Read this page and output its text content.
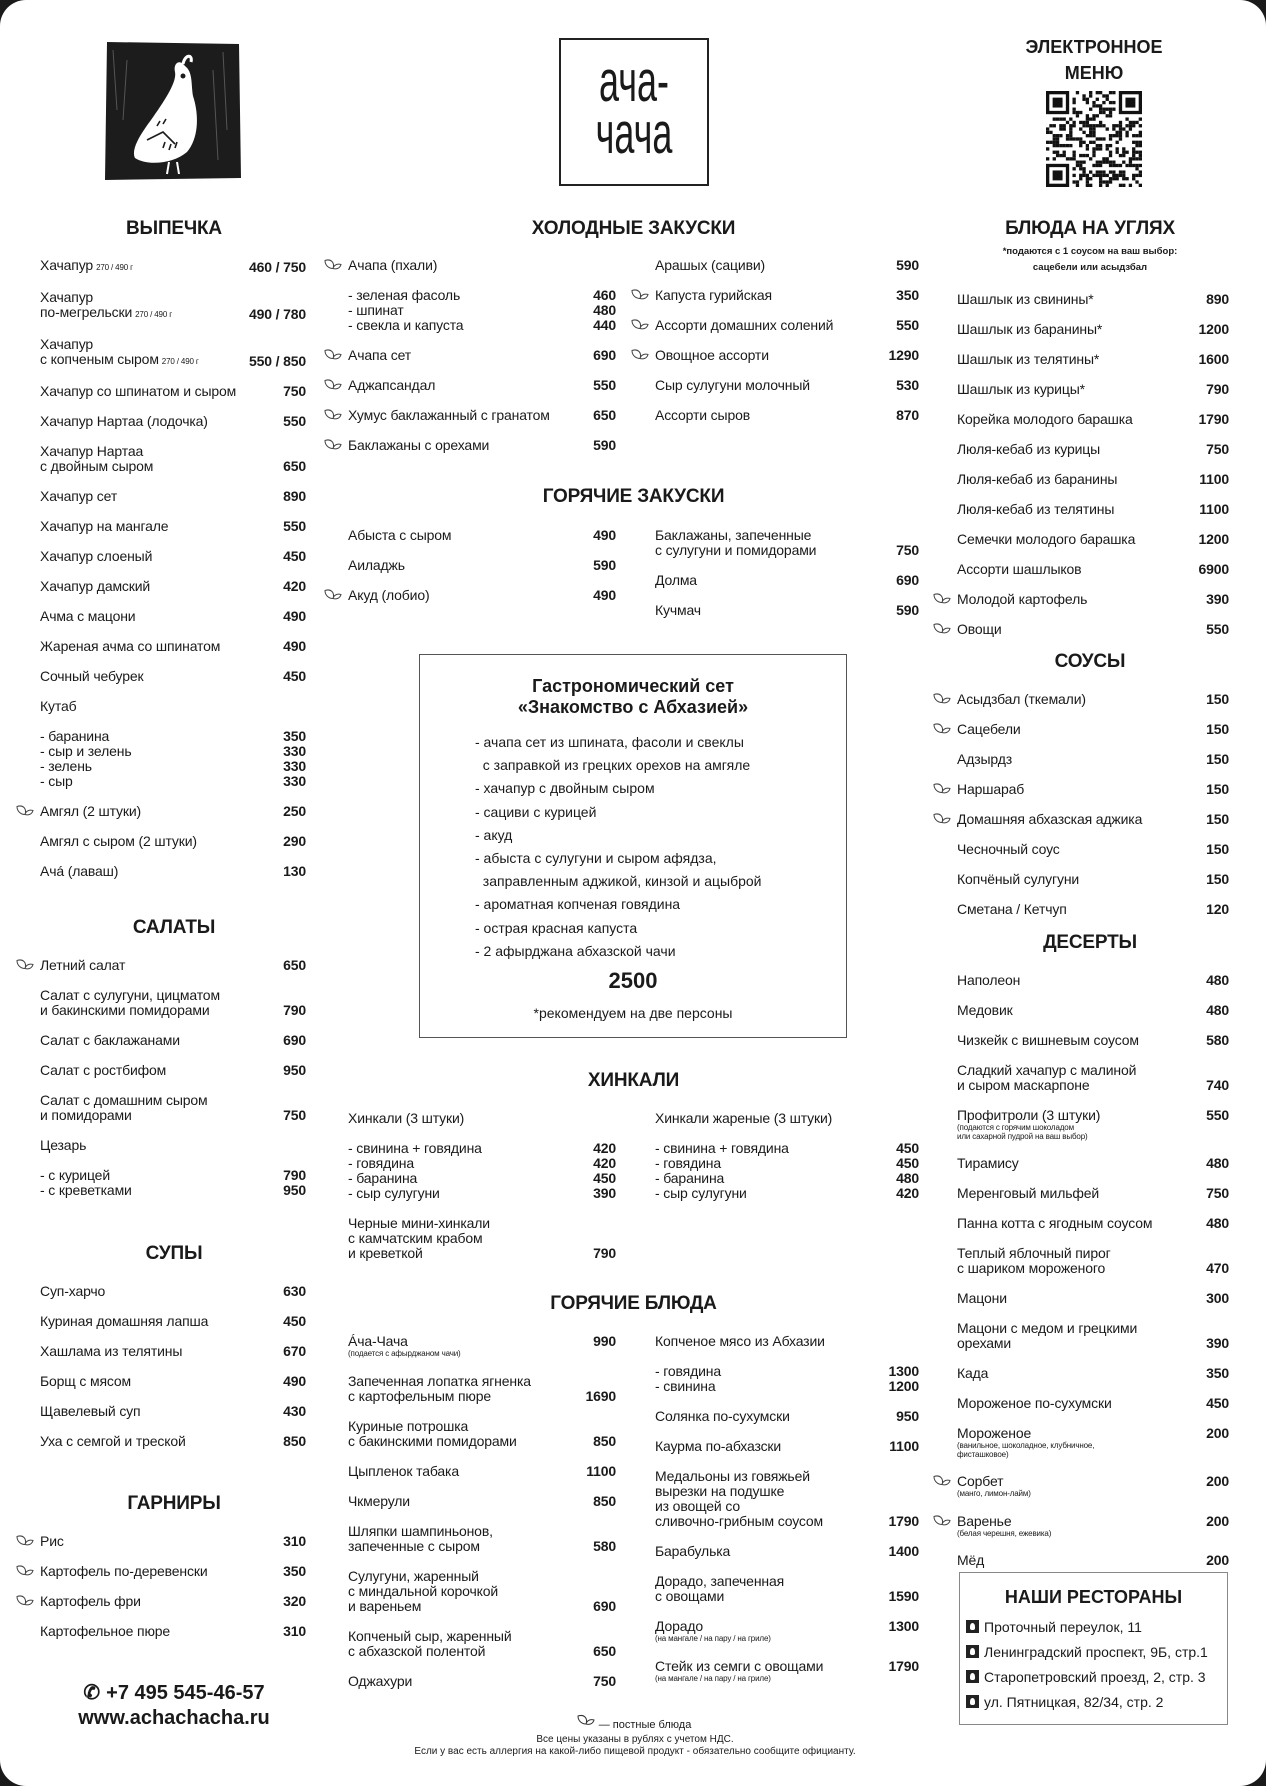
ача-
чача
ЭЛЕКТРОННОЕ
МЕНЮ
ВЫПЕЧКА
Хачапур 270 / 490 г	460 / 750
Хачапур
по-мегрельски 270 / 490 г	490 / 780
Хачапур
с копченым сыром 270 / 490 г	550 / 850
Хачапур со шпинатом и сыром	750
Хачапур Нартаа (лодочка)	550
Хачапур Нартаа
с двойным сыром	650
Хачапур сет	890
Хачапур на мангале	550
Хачапур слоеный	450
Хачапур дамский	420
Ачма с мацони	490
Жареная ачма со шпинатом	490
Сочный чебурек	450
Кутаб
- баранина	350
- сыр и зелень	330
- зелень	330
- сыр	330
Амгял (2 штуки)	250
Амгял с сыром (2 штуки)	290
Ачá (лаваш)	130
САЛАТЫ
Летний салат	650
Салат с сулугуни, цицматом
и бакинскими помидорами	790
Салат с баклажанами	690
Салат с ростбифом	950
Салат с домашним сыром
и помидорами	750
Цезарь
- с курицей	790
- с креветками	950
СУПЫ
Суп-харчо	630
Куриная домашняя лапша	450
Хашлама из телятины	670
Борщ с мясом	490
Щавелевый суп	430
Уха с семгой и треской	850
ГАРНИРЫ
Рис	310
Картофель по-деревенски	350
Картофель фри	320
Картофельное пюре	310
✆ +7 495 545-46-57
www.achachacha.ru
ХОЛОДНЫЕ ЗАКУСКИ
Ачапа (пхали)
- зеленая фасоль	460
- шпинат	480
- свекла и капуста	440
Ачапа сет	690
Аджапсандал	550
Хумус баклажанный с гранатом	650
Баклажаны с орехами	590
Арашых (сациви)	590
Капуста гурийская	350
Ассорти домашних солений	550
Овощное ассорти	1290
Сыр сулугуни молочный	530
Ассорти сыров	870
ГОРЯЧИЕ ЗАКУСКИ
Абыста с сыром	490
Аиладжь	590
Акуд (лобио)	490
Баклажаны, запеченные
с сулугуни и помидорами	750
Долма	690
Кучмач	590
Гастрономический сет
«Знакомство с Абхазией»
- ачапа сет из шпината, фасоли и свеклы
с заправкой из грецких орехов на амгяле
- хачапур с двойным сыром
- сациви с курицей
- акуд
- абыста с сулугуни и сыром афядза,
заправленным аджикой, кинзой и ацыброй
- ароматная копченая говядина
- острая красная капуста
- 2 афырджана абхазской чачи
2500
*рекомендуем на две персоны
ХИНКАЛИ
Хинкали (3 штуки)
- свинина + говядина	420
- говядина	420
- баранина	450
- сыр сулугуни	390
Черные мини-хинкали
с камчатским крабом
и креветкой	790
Хинкали жареные (3 штуки)
- свинина + говядина	450
- говядина	450
- баранина	480
- сыр сулугуни	420
ГОРЯЧИЕ БЛЮДА
Áча-Чача	990
(подается с афырджаном чачи)
Запеченная лопатка ягненка
с картофельным пюре	1690
Куриные потрошка
с бакинскими помидорами	850
Цыпленок табака	1100
Чкмерули	850
Шляпки шампиньонов,
запеченные с сыром	580
Сулугуни, жаренный
с миндальной корочкой
и вареньем	690
Копченый сыр, жаренный
с абхазской полентой	650
Оджахури	750
Копченое мясо из Абхазии
- говядина	1300
- свинина	1200
Солянка по-сухумски	950
Каурма по-абхазски	1100
Медальоны из говяжьей
вырезки на подушке
из овощей со
сливочно-грибным соусом	1790
Барабулька	1400
Дорадо, запеченная
с овощами	1590
Дорадо	1300
(на мангале / на пару / на гриле)
Стейк из семги с овощами	1790
(на мангале / на пару / на гриле)
— постные блюда
Все цены указаны в рублях с учетом НДС.
Если у вас есть аллергия на какой-либо пищевой продукт - обязательно сообщите официанту.
БЛЮДА НА УГЛЯХ
*подаются с 1 соусом на ваш выбор:
сацебели или асыдзбал
Шашлык из свинины*	890
Шашлык из баранины*	1200
Шашлык из телятины*	1600
Шашлык из курицы*	790
Корейка молодого барашка	1790
Люля-кебаб из курицы	750
Люля-кебаб из баранины	1100
Люля-кебаб из телятины	1100
Семечки молодого барашка	1200
Ассорти шашлыков	6900
Молодой картофель	390
Овощи	550
СОУСЫ
Асыдзбал (ткемали)	150
Сацебели	150
Адзырдз	150
Наршараб	150
Домашняя абхазская аджика	150
Чесночный соус	150
Копчёный сулугуни	150
Сметана / Кетчуп	120
ДЕСЕРТЫ
Наполеон	480
Медовик	480
Чизкейк с вишневым соусом	580
Сладкий хачапур с малиной
и сыром маскарпоне	740
Профитроли (3 штуки)	550
(подаются с горячим шоколадом
или сахарной пудрой на ваш выбор)
Тирамису	480
Меренговый мильфей	750
Панна котта с ягодным соусом	480
Теплый яблочный пирог
с шариком мороженого	470
Мацони	300
Мацони с медом и грецкими
орехами	390
Када	350
Мороженое по-сухумски	450
Мороженое	200
(ванильное, шоколадное, клубничное,
фисташковое)
Сорбет	200
(манго, лимон-лайм)
Варенье	200
(белая черешня, ежевика)
Мёд	200
НАШИ РЕСТОРАНЫ
Проточный переулок, 11
Ленинградский проспект, 9Б, стр.1
Старопетровский проезд, 2, стр. 3
ул. Пятницкая, 82/34, стр. 2
